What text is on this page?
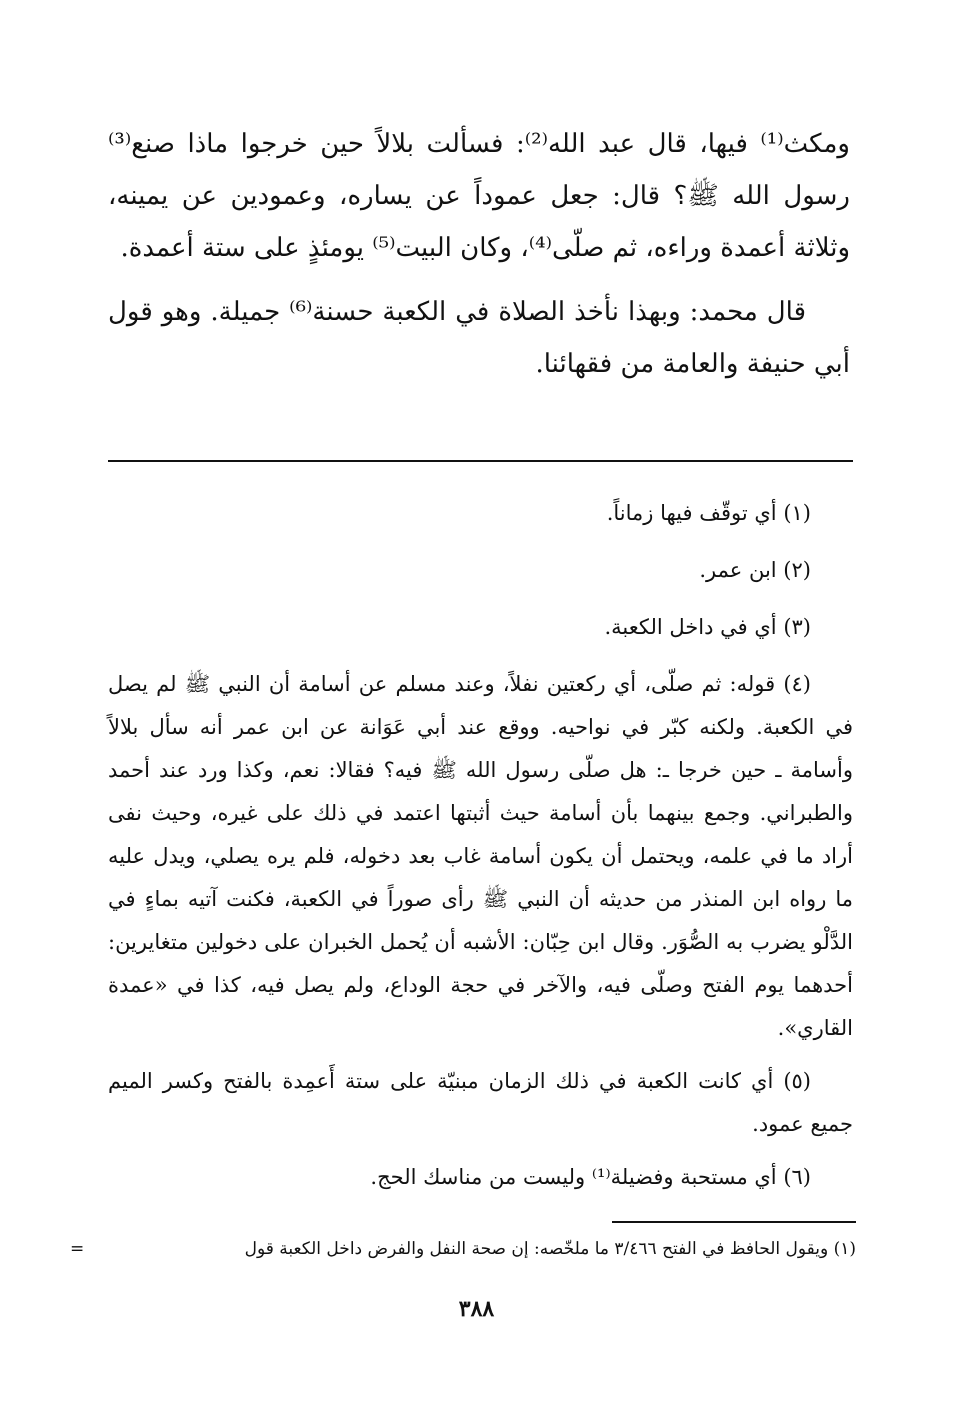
ومكث⁽¹⁾ فيها، قال عبد الله⁽²⁾: فسألت بلالاً حين خرجوا ماذا صنع⁽³⁾ رسول الله ﷺ؟ قال: جعل عموداً عن يساره، وعمودين عن يمينه، وثلاثة أعمدة وراءه، ثم صلّى⁽⁴⁾، وكان البيت⁽⁵⁾ يومئذٍ على ستة أعمدة.

قال محمد: وبهذا نأخذ الصلاة في الكعبة حسنة⁽⁶⁾ جميلة. وهو قول أبي حنيفة والعامة من فقهائنا.

(١) أي توقّف فيها زماناً.

(٢) ابن عمر.

(٣) أي في داخل الكعبة.

(٤) قوله: ثم صلّى، أي ركعتين نفلاً، وعند مسلم عن أسامة أن النبي ﷺ لم يصل في الكعبة. ولكنه كبّر في نواحيه. ووقع عند أبي عَوَانة عن ابن عمر أنه سأل بلالاً وأسامة ـ حين خرجا ـ: هل صلّى رسول الله ﷺ فيه؟ فقالا: نعم، وكذا ورد عند أحمد والطبراني. وجمع بينهما بأن أسامة حيث أثبتها اعتمد في ذلك على غيره، وحيث نفى أراد ما في علمه، ويحتمل أن يكون أسامة غاب بعد دخوله، فلم يره يصلي، ويدل عليه ما رواه ابن المنذر من حديثه أن النبي ﷺ رأى صوراً في الكعبة، فكنت آتيه بماءٍ في الدَّلْو يضرب به الصُّوَر. وقال ابن حِبّان: الأشبه أن يُحمل الخبران على دخولين متغايرين: أحدهما يوم الفتح وصلّى فيه، والآخر في حجة الوداع، ولم يصل فيه، كذا في «عمدة القاري».

(٥) أي كانت الكعبة في ذلك الزمان مبنيّة على ستة أَعمِدة بالفتح وكسر الميم جميع عمود.

(٦) أي مستحبة وفضيلة⁽¹⁾ وليست من مناسك الحج.

(١) ويقول الحافظ في الفتح ٣/٤٦٦ ما ملخّصه: إن صحة النفل والفرض داخل الكعبة قول
=
٣٨٨
